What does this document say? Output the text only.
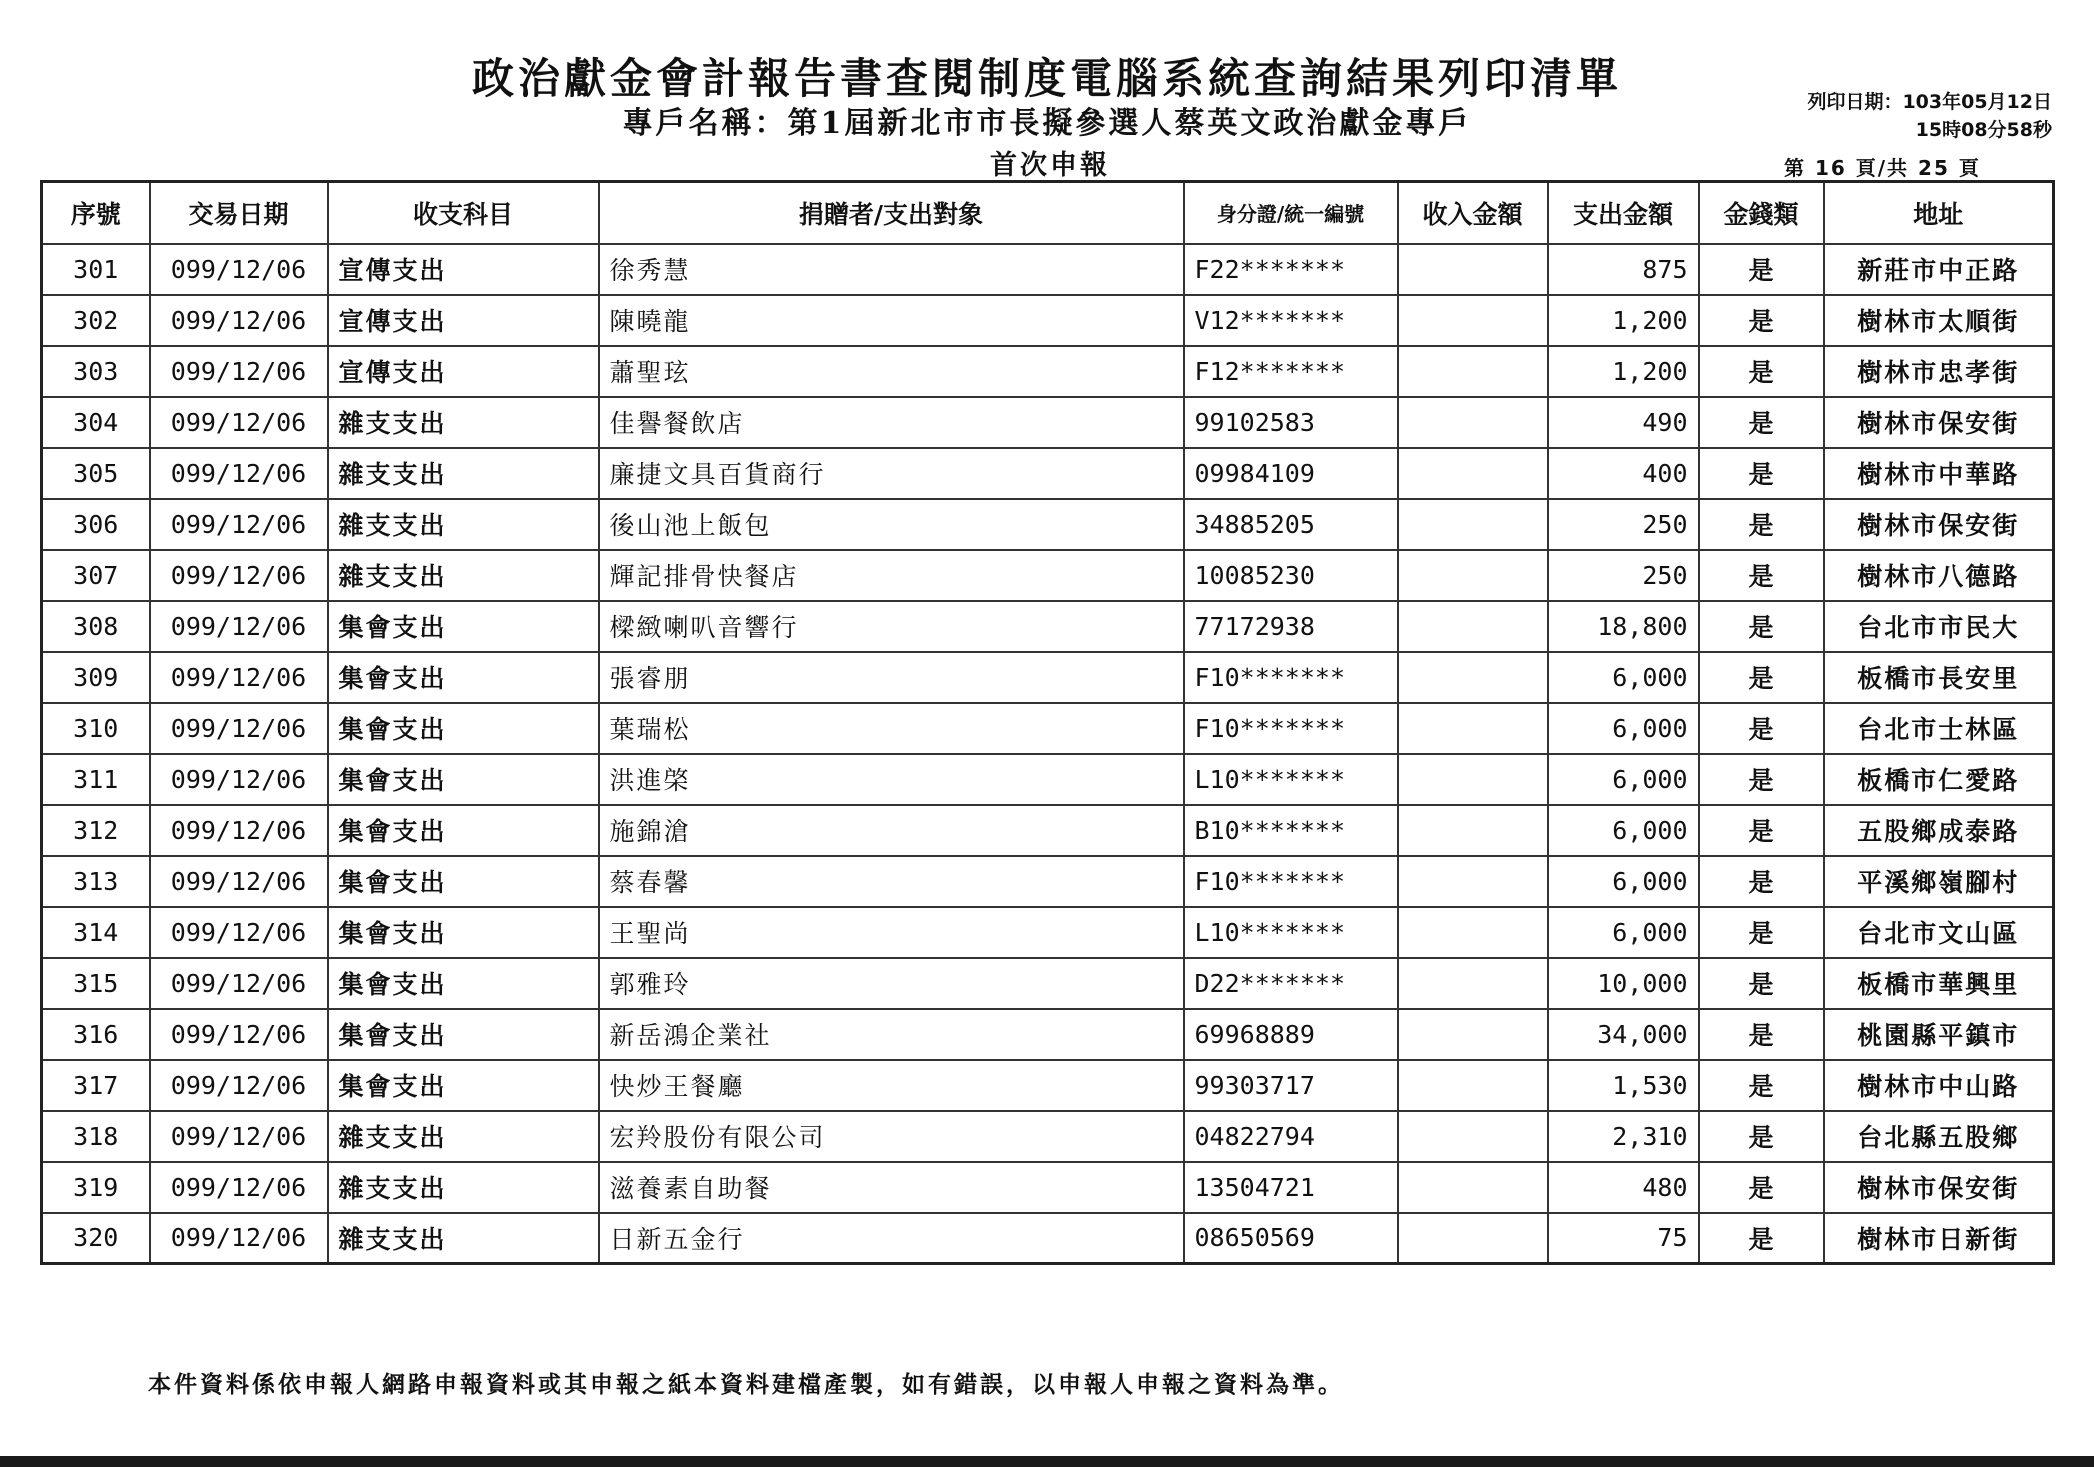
政治獻金會計報告書查閱制度電腦系統查詢結果列印清單
專戶名稱：第1屆新北市市長擬參選人蔡英文政治獻金專戶
首次申報
列印日期：103年05月12日
15時08分58秒
第 16 頁/共 25 頁
序號	交易日期	收支科目	捐贈者/支出對象	身分證/統一編號	收入金額	支出金額	金錢類	地址
301	099/12/06	宣傳支出	徐秀慧	F22*******		875	是	新莊市中正路
302	099/12/06	宣傳支出	陳曉龍	V12*******		1,200	是	樹林市太順街
303	099/12/06	宣傳支出	蕭聖玹	F12*******		1,200	是	樹林市忠孝街
304	099/12/06	雜支支出	佳譽餐飲店	99102583		490	是	樹林市保安街
305	099/12/06	雜支支出	廉捷文具百貨商行	09984109		400	是	樹林市中華路
306	099/12/06	雜支支出	後山池上飯包	34885205		250	是	樹林市保安街
307	099/12/06	雜支支出	輝記排骨快餐店	10085230		250	是	樹林市八德路
308	099/12/06	集會支出	樑緻喇叭音響行	77172938		18,800	是	台北市市民大
309	099/12/06	集會支出	張睿朋	F10*******		6,000	是	板橋市長安里
310	099/12/06	集會支出	葉瑞松	F10*******		6,000	是	台北市士林區
311	099/12/06	集會支出	洪進棨	L10*******		6,000	是	板橋市仁愛路
312	099/12/06	集會支出	施錦滄	B10*******		6,000	是	五股鄉成泰路
313	099/12/06	集會支出	蔡春馨	F10*******		6,000	是	平溪鄉嶺腳村
314	099/12/06	集會支出	王聖尚	L10*******		6,000	是	台北市文山區
315	099/12/06	集會支出	郭雅玲	D22*******		10,000	是	板橋市華興里
316	099/12/06	集會支出	新岳鴻企業社	69968889		34,000	是	桃園縣平鎮市
317	099/12/06	集會支出	快炒王餐廳	99303717		1,530	是	樹林市中山路
318	099/12/06	雜支支出	宏羚股份有限公司	04822794		2,310	是	台北縣五股鄉
319	099/12/06	雜支支出	滋養素自助餐	13504721		480	是	樹林市保安街
320	099/12/06	雜支支出	日新五金行	08650569		75	是	樹林市日新街
本件資料係依申報人網路申報資料或其申報之紙本資料建檔產製，如有錯誤，以申報人申報之資料為準。
